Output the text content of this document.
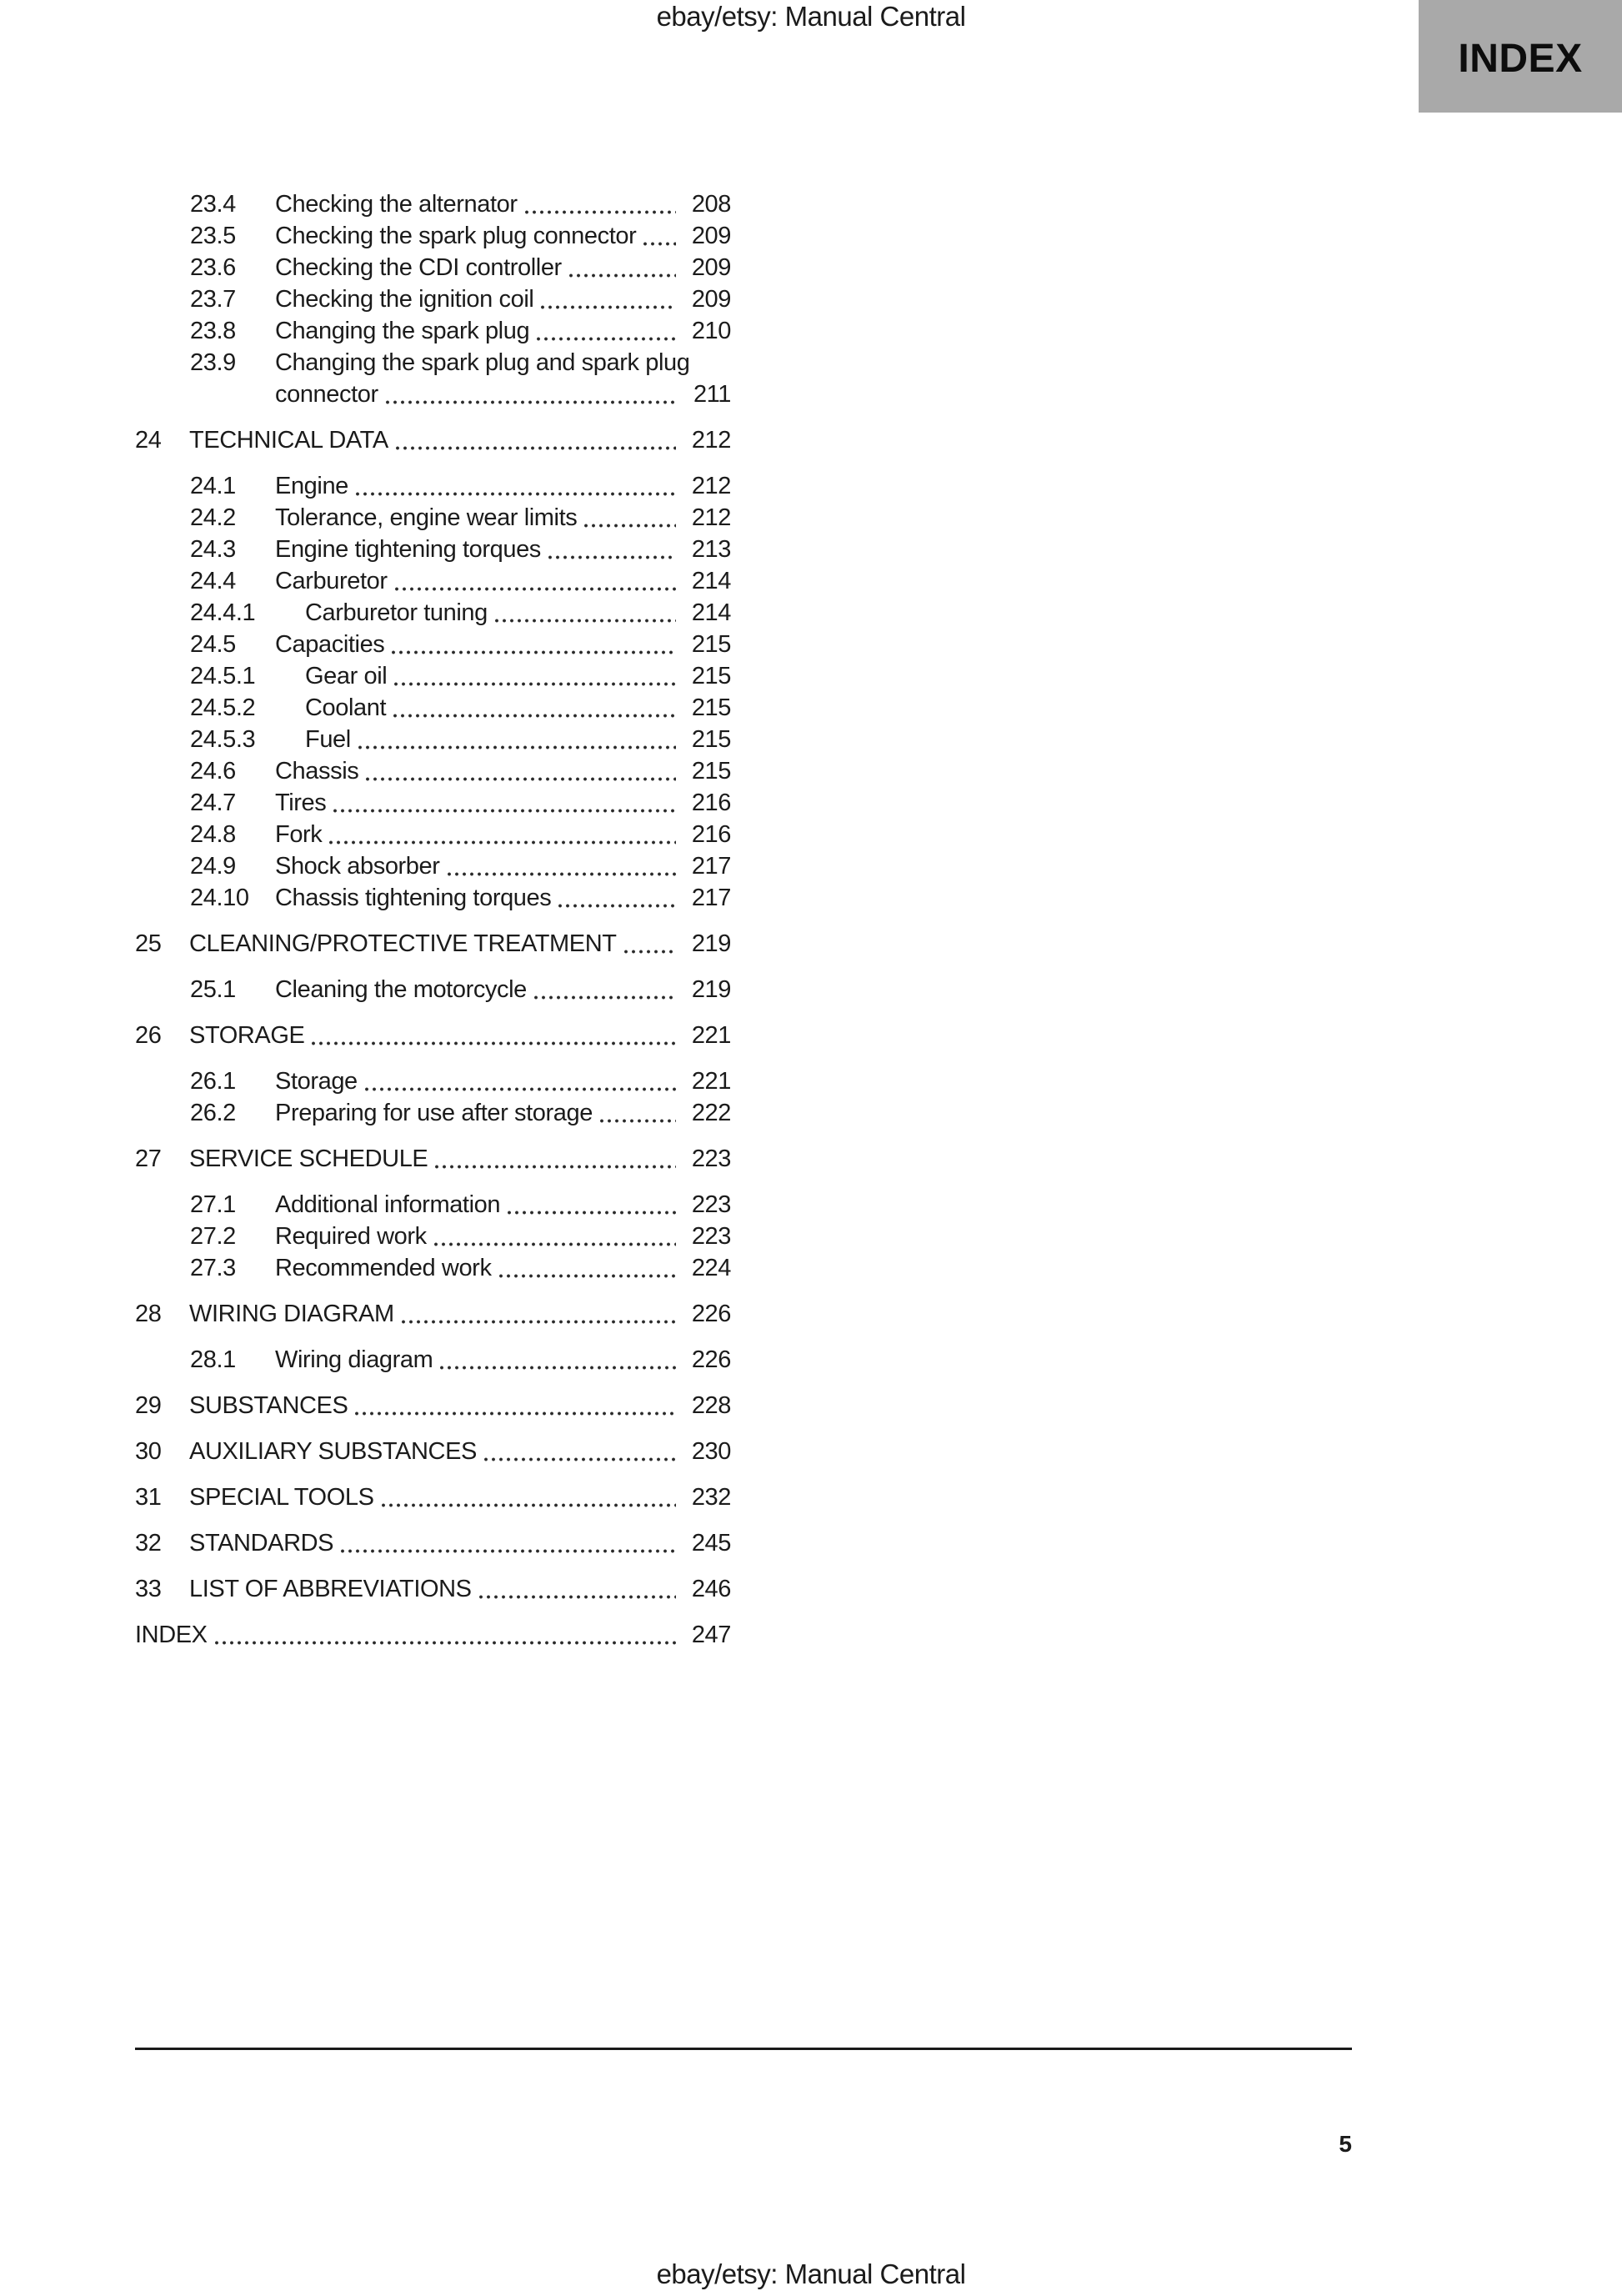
ebay/etsy: Manual Central
INDEX
23.4	Checking the alternator	208
23.5	Checking the spark plug connector 209
23.6	Checking the CDI controller	209
23.7	Checking the ignition coil	209
23.8	Changing the spark plug	210
23.9	Changing the spark plug and spark plug
connector	211
24	TECHNICAL DATA	212
24.1	Engine	212
24.2	Tolerance, engine wear limits	212
24.3	Engine tightening torques	213
24.4	Carburetor	214
24.4.1	Carburetor tuning	214
24.5	Capacities	215
24.5.1	Gear oil	215
24.5.2	Coolant	215
24.5.3	Fuel	215
24.6	Chassis	215
24.7	Tires	216
24.8	Fork	216
24.9	Shock absorber	217
24.10	Chassis tightening torques	217
25	CLEANING/PROTECTIVE TREATMENT	219
25.1	Cleaning the motorcycle	219
26	STORAGE	221
26.1	Storage	221
26.2	Preparing for use after storage	222
27	SERVICE SCHEDULE	223
27.1	Additional information	223
27.2	Required work	223
27.3	Recommended work	224
28	WIRING DIAGRAM	226
28.1	Wiring diagram	226
29	SUBSTANCES	228
30	AUXILIARY SUBSTANCES	230
31	SPECIAL TOOLS	232
32	STANDARDS	245
33	LIST OF ABBREVIATIONS	246
INDEX	247
5
ebay/etsy: Manual Central
